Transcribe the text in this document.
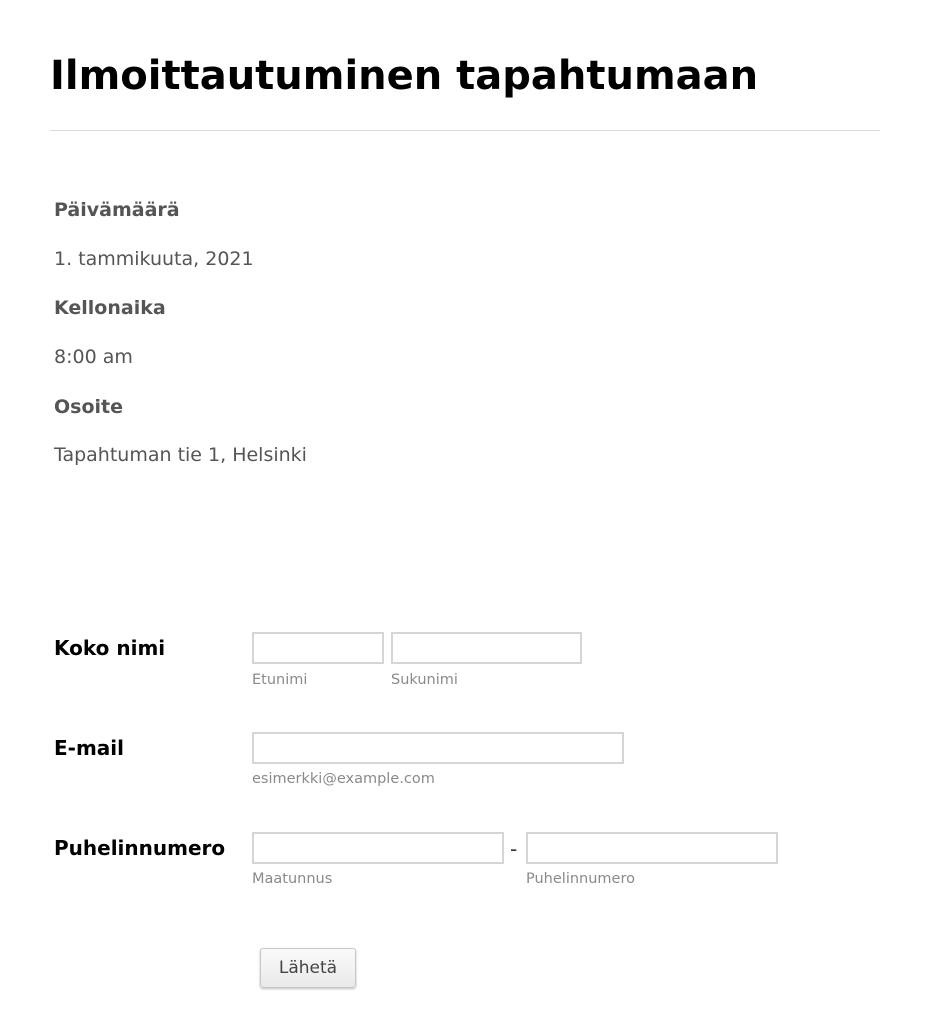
Ilmoittautuminen tapahtumaan
Päivämäärä
1. tammikuuta, 2021
Kellonaika
8:00 am
Osoite
Tapahtuman tie 1, Helsinki
Koko nimi
Etunimi	Sukunimi
E-mail
esimerkki@example.com
Puhelinnumero
Maatunnus
-
Puhelinnumero
Lähetä
